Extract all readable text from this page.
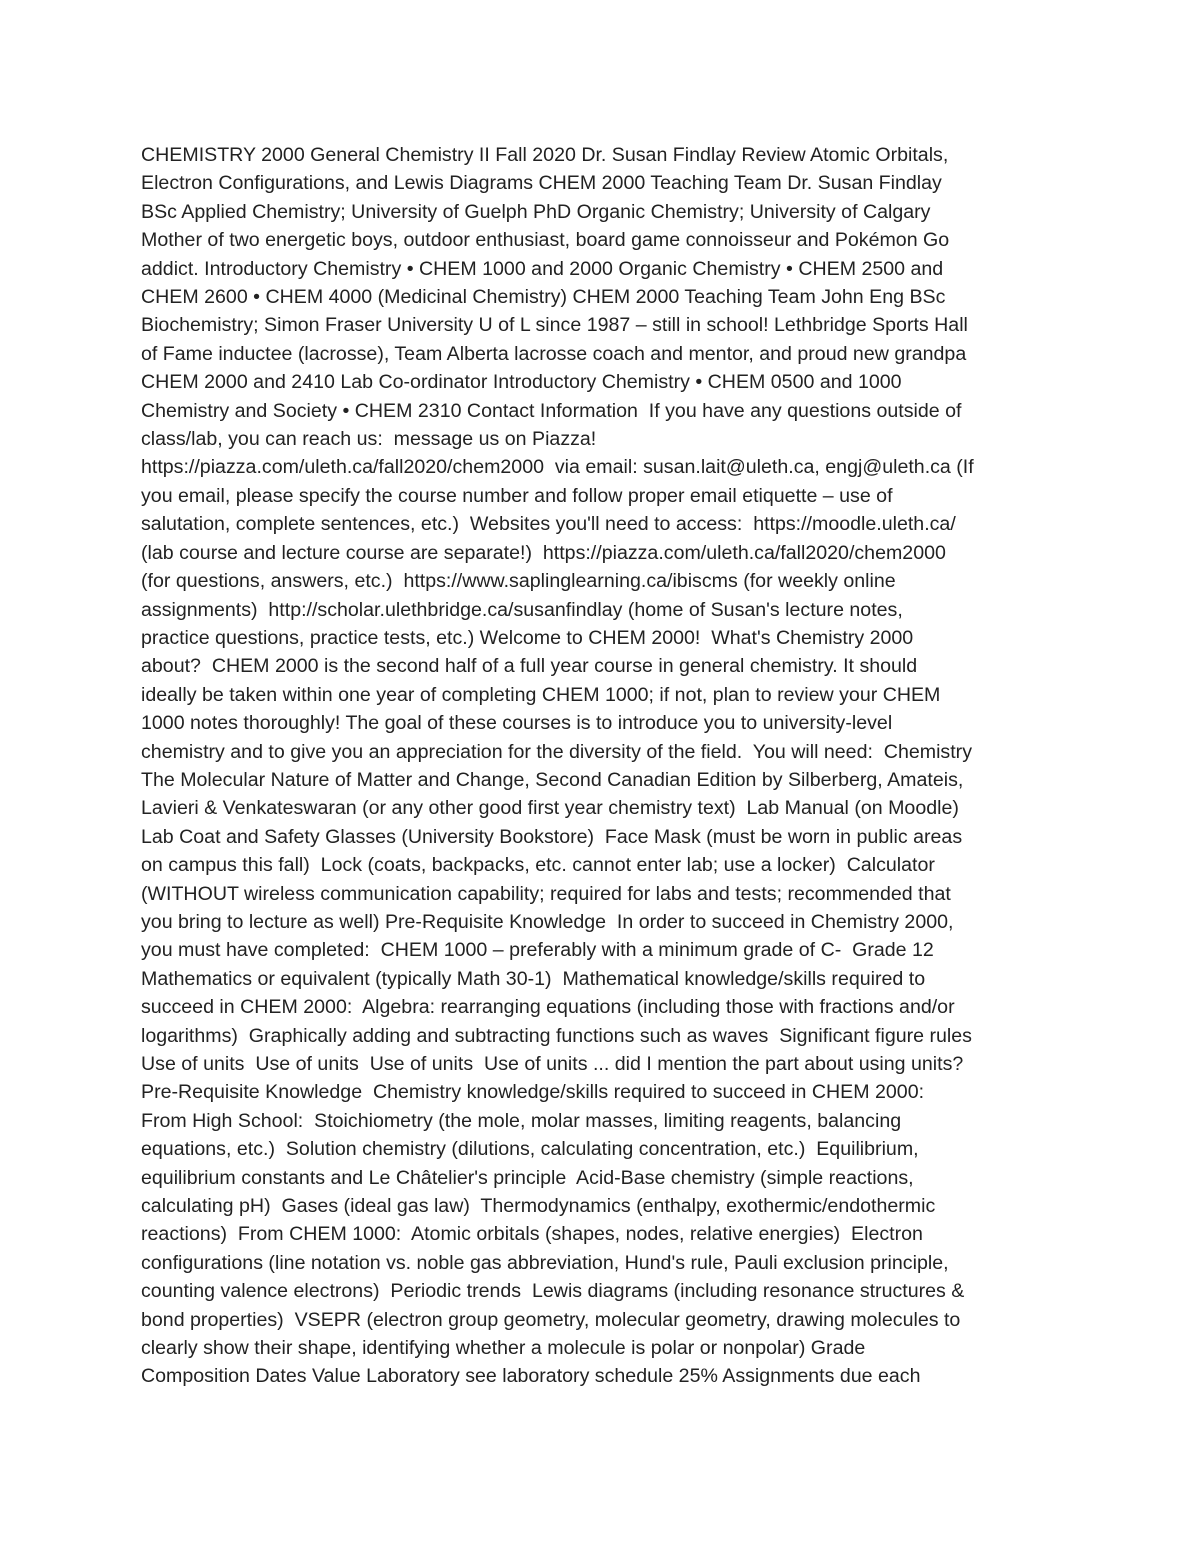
CHEMISTRY 2000 General Chemistry II Fall 2020 Dr. Susan Findlay Review Atomic Orbitals,
Electron Configurations, and Lewis Diagrams CHEM 2000 Teaching Team Dr. Susan Findlay
BSc Applied Chemistry; University of Guelph PhD Organic Chemistry; University of Calgary
Mother of two energetic boys, outdoor enthusiast, board game connoisseur and Pokémon Go
addict. Introductory Chemistry • CHEM 1000 and 2000 Organic Chemistry • CHEM 2500 and
CHEM 2600 • CHEM 4000 (Medicinal Chemistry) CHEM 2000 Teaching Team John Eng BSc
Biochemistry; Simon Fraser University U of L since 1987 – still in school! Lethbridge Sports Hall
of Fame inductee (lacrosse), Team Alberta lacrosse coach and mentor, and proud new grandpa
CHEM 2000 and 2410 Lab Co-ordinator Introductory Chemistry • CHEM 0500 and 1000
Chemistry and Society • CHEM 2310 Contact Information  If you have any questions outside of
class/lab, you can reach us:  message us on Piazza!
https://piazza.com/uleth.ca/fall2020/chem2000  via email: susan.lait@uleth.ca, engj@uleth.ca (If
you email, please specify the course number and follow proper email etiquette – use of
salutation, complete sentences, etc.)  Websites you'll need to access:  https://moodle.uleth.ca/
(lab course and lecture course are separate!)  https://piazza.com/uleth.ca/fall2020/chem2000
(for questions, answers, etc.)  https://www.saplinglearning.ca/ibiscms (for weekly online
assignments)  http://scholar.ulethbridge.ca/susanfindlay (home of Susan's lecture notes,
practice questions, practice tests, etc.) Welcome to CHEM 2000!  What's Chemistry 2000
about?  CHEM 2000 is the second half of a full year course in general chemistry. It should
ideally be taken within one year of completing CHEM 1000; if not, plan to review your CHEM
1000 notes thoroughly! The goal of these courses is to introduce you to university-level
chemistry and to give you an appreciation for the diversity of the field.  You will need:  Chemistry
The Molecular Nature of Matter and Change, Second Canadian Edition by Silberberg, Amateis,
Lavieri & Venkateswaran (or any other good first year chemistry text)  Lab Manual (on Moodle)
Lab Coat and Safety Glasses (University Bookstore)  Face Mask (must be worn in public areas
on campus this fall)  Lock (coats, backpacks, etc. cannot enter lab; use a locker)  Calculator
(WITHOUT wireless communication capability; required for labs and tests; recommended that
you bring to lecture as well) Pre-Requisite Knowledge  In order to succeed in Chemistry 2000,
you must have completed:  CHEM 1000 – preferably with a minimum grade of C-  Grade 12
Mathematics or equivalent (typically Math 30-1)  Mathematical knowledge/skills required to
succeed in CHEM 2000:  Algebra: rearranging equations (including those with fractions and/or
logarithms)  Graphically adding and subtracting functions such as waves  Significant figure rules
Use of units  Use of units  Use of units  Use of units ... did I mention the part about using units?
Pre-Requisite Knowledge  Chemistry knowledge/skills required to succeed in CHEM 2000:
From High School:  Stoichiometry (the mole, molar masses, limiting reagents, balancing
equations, etc.)  Solution chemistry (dilutions, calculating concentration, etc.)  Equilibrium,
equilibrium constants and Le Châtelier's principle  Acid-Base chemistry (simple reactions,
calculating pH)  Gases (ideal gas law)  Thermodynamics (enthalpy, exothermic/endothermic
reactions)  From CHEM 1000:  Atomic orbitals (shapes, nodes, relative energies)  Electron
configurations (line notation vs. noble gas abbreviation, Hund's rule, Pauli exclusion principle,
counting valence electrons)  Periodic trends  Lewis diagrams (including resonance structures &
bond properties)  VSEPR (electron group geometry, molecular geometry, drawing molecules to
clearly show their shape, identifying whether a molecule is polar or nonpolar) Grade
Composition Dates Value Laboratory see laboratory schedule 25% Assignments due each
